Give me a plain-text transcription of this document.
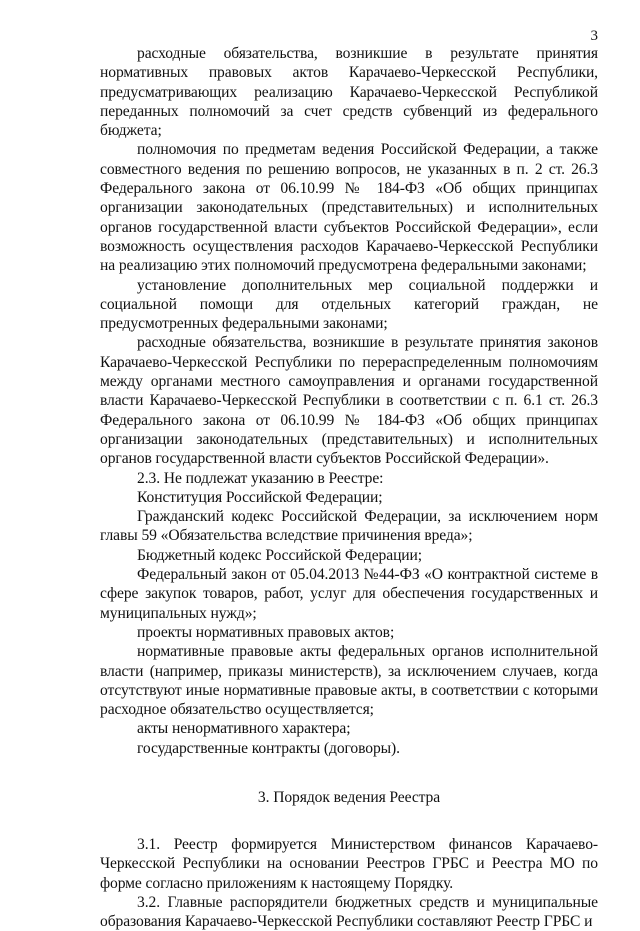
3

расходные обязательства, возникшие в результате принятия нормативных правовых актов Карачаево-Черкесской Республики, предусматривающих реализацию Карачаево-Черкесской Республикой переданных полномочий за счет средств субвенций из федерального бюджета;

полномочия по предметам ведения Российской Федерации, а также совместного ведения по решению вопросов, не указанных в п. 2 ст. 26.3 Федерального закона от 06.10.99 № 184-ФЗ «Об общих принципах организации законодательных (представительных) и исполнительных органов государственной власти субъектов Российской Федерации», если возможность осуществления расходов Карачаево-Черкесской Республики на реализацию этих полномочий предусмотрена федеральными законами;

установление дополнительных мер социальной поддержки и социальной помощи для отдельных категорий граждан, не предусмотренных федеральными законами;

расходные обязательства, возникшие в результате принятия законов Карачаево-Черкесской Республики по перераспределенным полномочиям между органами местного самоуправления и органами государственной власти Карачаево-Черкесской Республики в соответствии с п. 6.1 ст. 26.3 Федерального закона от 06.10.99 № 184-ФЗ «Об общих принципах организации законодательных (представительных) и исполнительных органов государственной власти субъектов Российской Федерации».

2.3. Не подлежат указанию в Реестре:

Конституция Российской Федерации;

Гражданский кодекс Российской Федерации, за исключением норм главы 59 «Обязательства вследствие причинения вреда»;

Бюджетный кодекс Российской Федерации;

Федеральный закон от 05.04.2013 №44-ФЗ «О контрактной системе в сфере закупок товаров, работ, услуг для обеспечения государственных и муниципальных нужд»;

проекты нормативных правовых актов;

нормативные правовые акты федеральных органов исполнительной власти (например, приказы министерств), за исключением случаев, когда отсутствуют иные нормативные правовые акты, в соответствии с которыми расходное обязательство осуществляется;

акты ненормативного характера;

государственные контракты (договоры).

3. Порядок ведения Реестра

3.1. Реестр формируется Министерством финансов Карачаево-Черкесской Республики на основании Реестров ГРБС и Реестра МО по форме согласно приложениям к настоящему Порядку.

3.2. Главные распорядители бюджетных средств и муниципальные образования Карачаево-Черкесской Республики составляют Реестр ГРБС и
